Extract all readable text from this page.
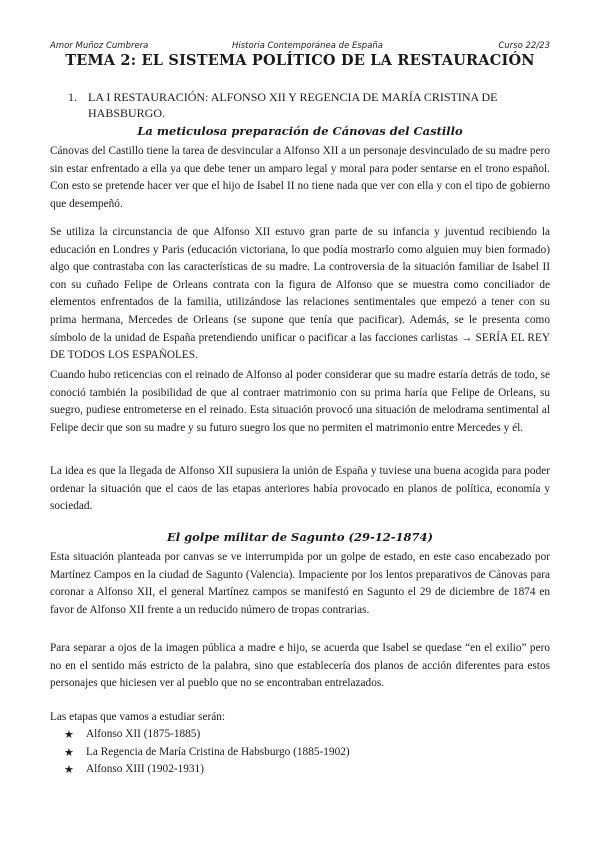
Amor Muñoz Cumbrera	Historia Contemporánea de España	Curso 22/23
TEMA 2: EL SISTEMA POLÍTICO DE LA RESTAURACIÓN
1. LA I RESTAURACIÓN: ALFONSO XII Y REGENCIA DE MARÍA CRISTINA DE HABSBURGO.
La meticulosa preparación de Cánovas del Castillo

Cánovas del Castillo tiene la tarea de desvincular a Alfonso XII a un personaje desvinculado de su madre pero sin estar enfrentado a ella ya que debe tener un amparo legal y moral para poder sentarse en el trono español. Con esto se pretende hacer ver que el hijo de Isabel II no tiene nada que ver con ella y con el tipo de gobierno que desempeñó.

Se utiliza la circunstancia de que Alfonso XII estuvo gran parte de su infancia y juventud recibiendo la educación en Londres y Paris (educación victoriana, lo que podía mostrarlo como alguien muy bien formado) algo que contrastaba con las características de su madre. La controversia de la situación familiar de Isabel II con su cuñado Felipe de Orleans contrata con la figura de Alfonso que se muestra como conciliador de elementos enfrentados de la familia, utilizándose las relaciones sentimentales que empezó a tener con su prima hermana, Mercedes de Orleans (se supone que tenía que pacificar). Además, se le presenta como símbolo de la unidad de España pretendiendo unificar o pacificar a las facciones carlistas → SERÍA EL REY DE TODOS LOS ESPAÑOLES.

Cuando hubo reticencias con el reinado de Alfonso al poder considerar que su madre estaría detrás de todo, se conoció también la posibilidad de que al contraer matrimonio con su prima haría que Felipe de Orleans, su suegro, pudiese entrometerse en el reinado. Esta situación provocó una situación de melodrama sentimental al Felipe decir que son su madre y su futuro suegro los que no permiten el matrimonio entre Mercedes y él.

La idea es que la llegada de Alfonso XII supusiera la unión de España y tuviese una buena acogida para poder ordenar la situación que el caos de las etapas anteriores había provocado en planos de política, economía y sociedad.

El golpe militar de Sagunto (29-12-1874)

Esta situación planteada por canvas se ve interrumpida por un golpe de estado, en este caso encabezado por Martínez Campos en la ciudad de Sagunto (Valencia). Impaciente por los lentos preparativos de Cánovas para coronar a Alfonso XII, el general Martínez campos se manifestó en Sagunto el 29 de diciembre de 1874 en favor de Alfonso XII frente a un reducido número de tropas contrarias.

Para separar a ojos de la imagen pública a madre e hijo, se acuerda que Isabel se quedase “en el exilio” pero no en el sentido más estricto de la palabra, sino que establecería dos planos de acción diferentes para estos personajes que hiciesen ver al pueblo que no se encontraban entrelazados.

Las etapas que vamos a estudiar serán:

★ Alfonso XII (1875-1885)
★ La Regencia de María Cristina de Habsburgo (1885-1902)
★ Alfonso XIII (1902-1931)
